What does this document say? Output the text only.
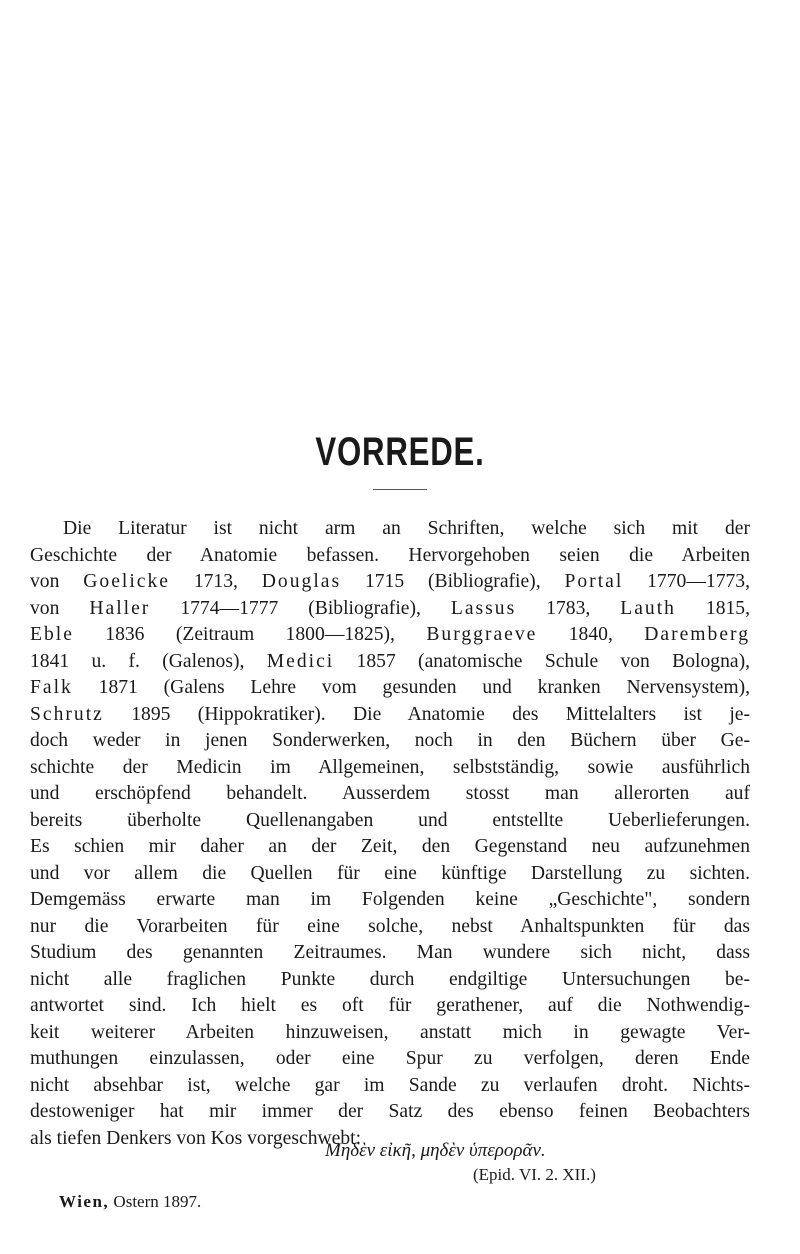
VORREDE.
Die Literatur ist nicht arm an Schriften, welche sich mit der
Geschichte der Anatomie befassen. Hervorgehoben seien die Arbeiten
von Goelicke 1713, Douglas 1715 (Bibliografie), Portal 1770—1773,
von Haller 1774—1777 (Bibliografie), Lassus 1783, Lauth 1815,
Eble 1836 (Zeitraum 1800—1825), Burggraeve 1840, Daremberg
1841 u. f. (Galenos), Medici 1857 (anatomische Schule von Bologna),
Falk 1871 (Galens Lehre vom gesunden und kranken Nervensystem),
Schrutz 1895 (Hippokratiker). Die Anatomie des Mittelalters ist je-
doch weder in jenen Sonderwerken, noch in den Büchern über Ge-
schichte der Medicin im Allgemeinen, selbstständig, sowie ausführlich
und erschöpfend behandelt. Ausserdem stosst man allerorten auf
bereits überholte Quellenangaben und entstellte Ueberlieferungen.
Es schien mir daher an der Zeit, den Gegenstand neu aufzunehmen
und vor allem die Quellen für eine künftige Darstellung zu sichten.
Demgemäss erwarte man im Folgenden keine „Geschichte", sondern
nur die Vorarbeiten für eine solche, nebst Anhaltspunkten für das
Studium des genannten Zeitraumes. Man wundere sich nicht, dass
nicht alle fraglichen Punkte durch endgiltige Untersuchungen be-
antwortet sind. Ich hielt es oft für gerathener, auf die Nothwendig-
keit weiterer Arbeiten hinzuweisen, anstatt mich in gewagte Ver-
muthungen einzulassen, oder eine Spur zu verfolgen, deren Ende
nicht absehbar ist, welche gar im Sande zu verlaufen droht. Nichts-
destoweniger hat mir immer der Satz des ebenso feinen Beobachters
als tiefen Denkers von Kos vorgeschwebt:
Μηδὲν εἰκῆ, μηδὲν ὑπερορᾶν.
(Epid. VI. 2. XII.)
Wien, Ostern 1897.
